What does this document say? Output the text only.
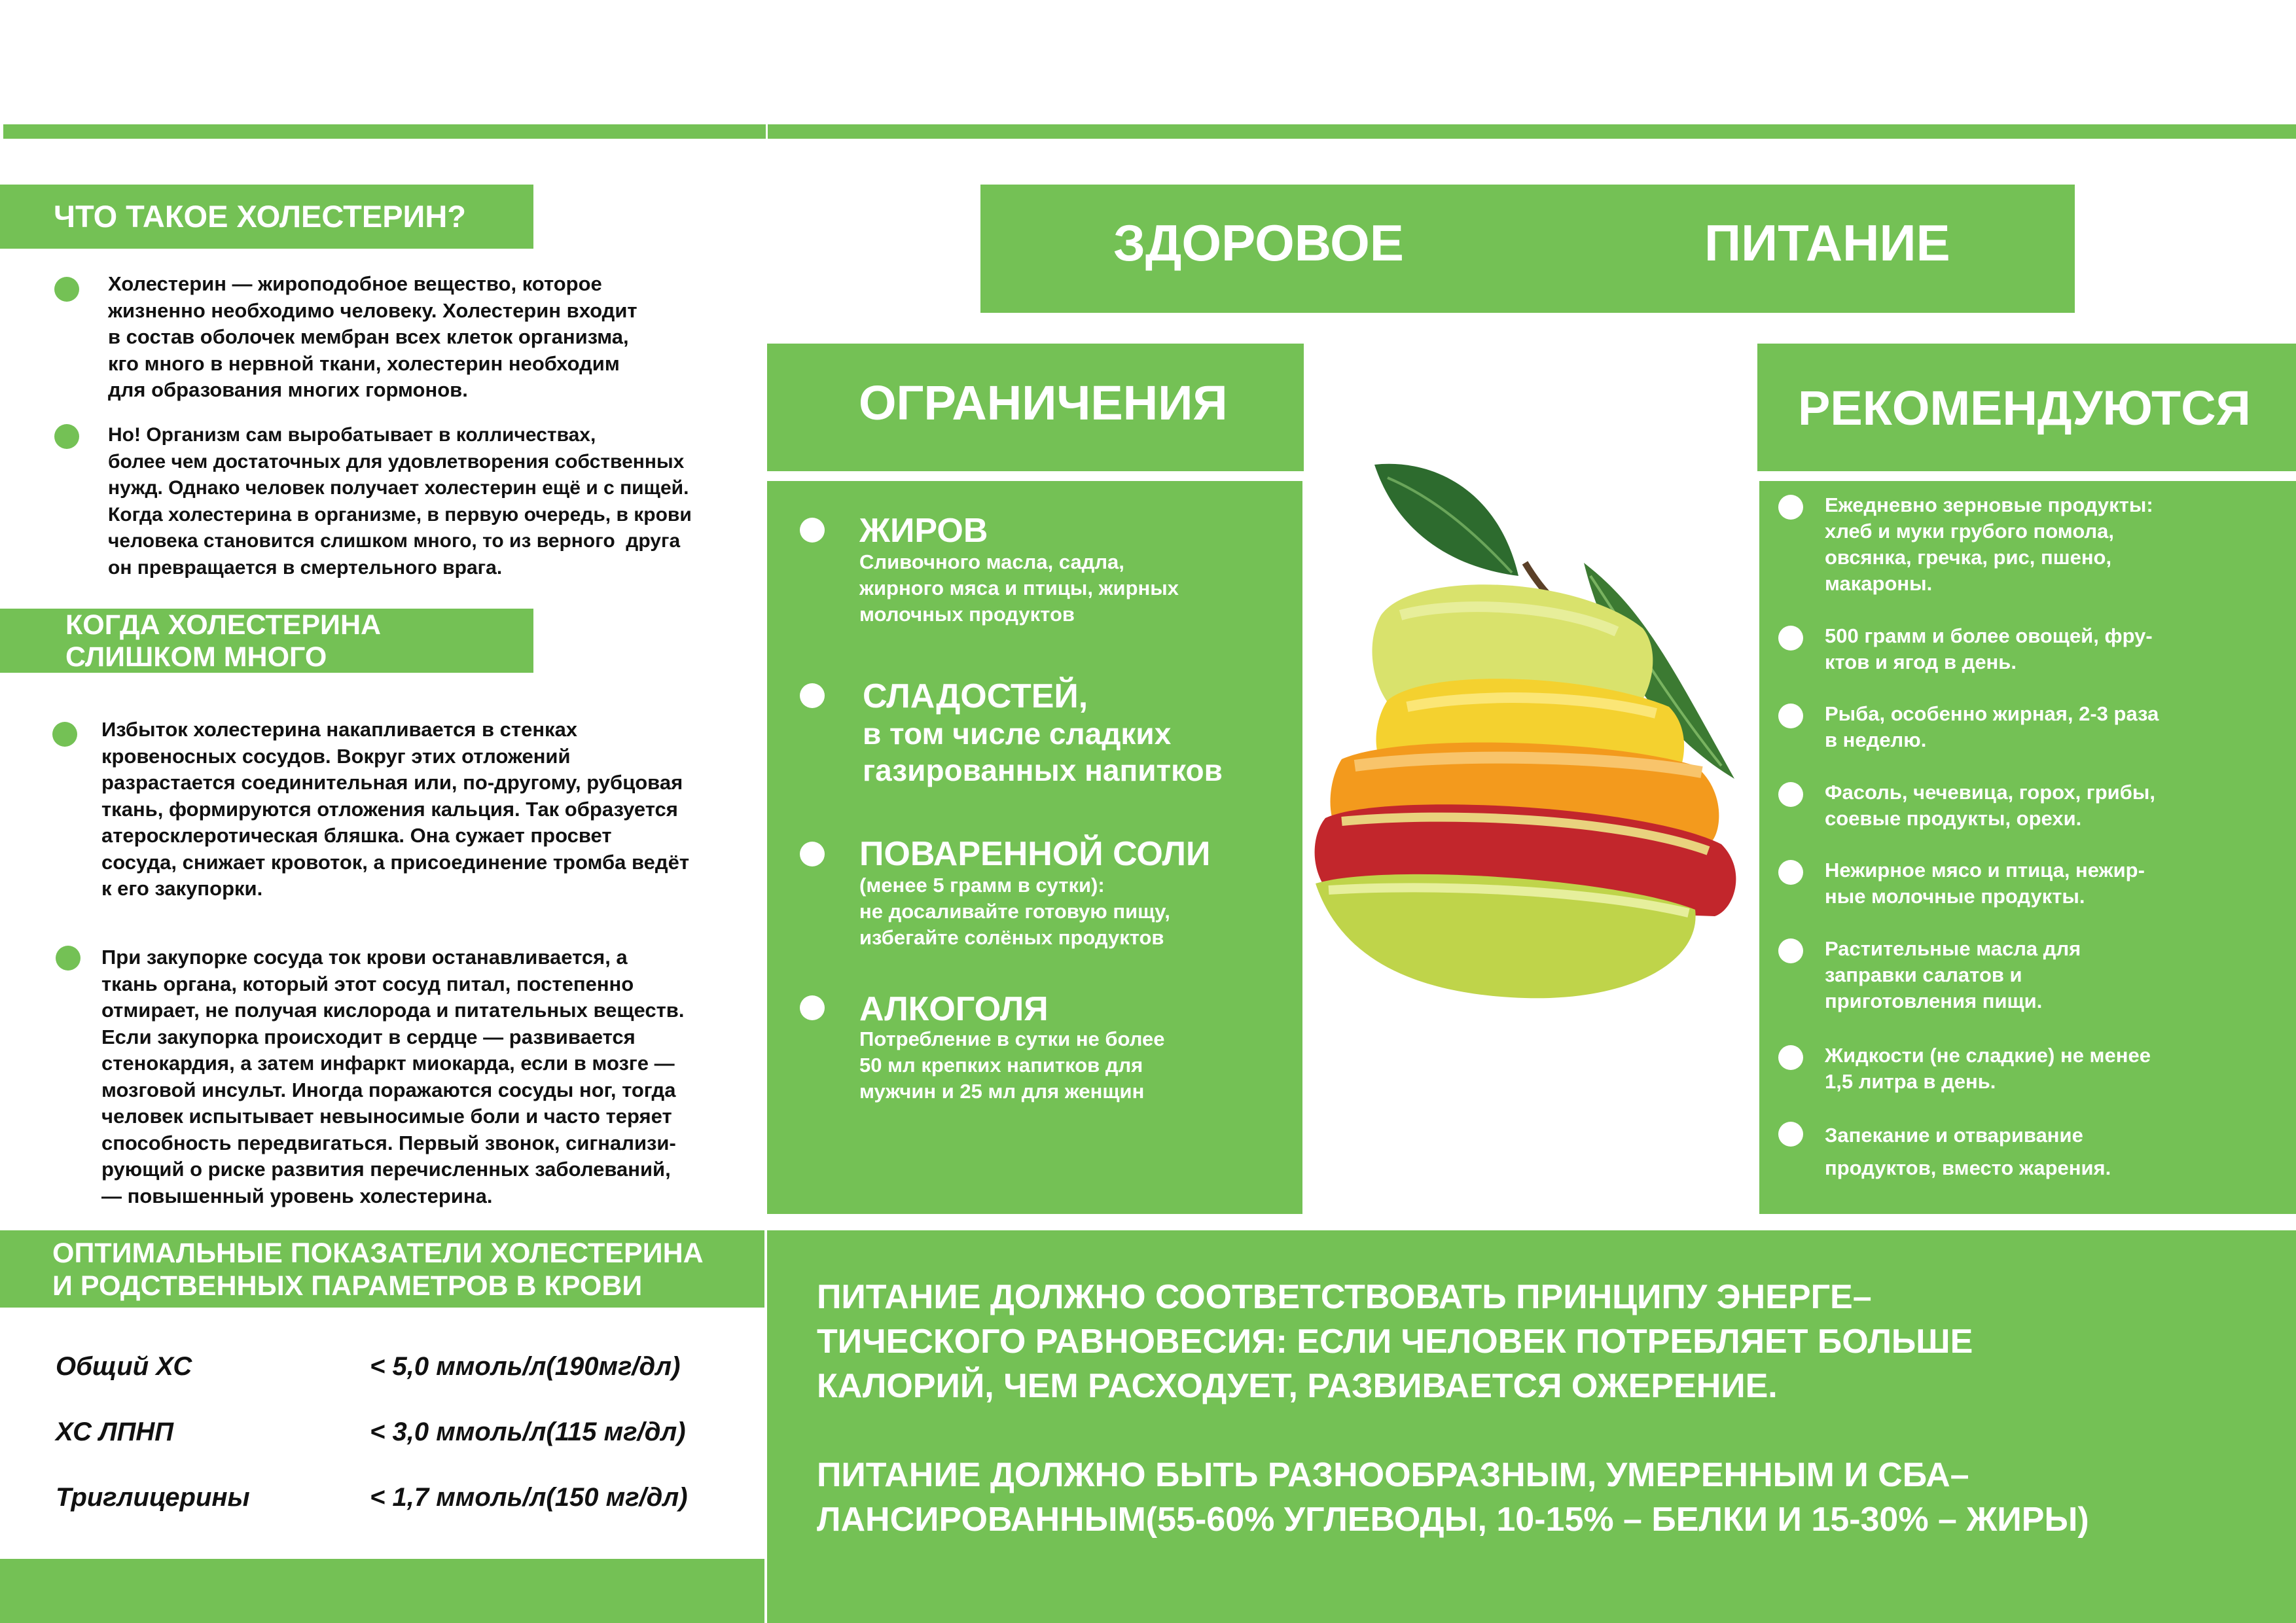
ЧТО ТАКОЕ ХОЛЕСТЕРИН?
Холестерин — жироподобное вещество, которое
жизненно необходимо человеку. Холестерин входит
в состав оболочек мембран всех клеток организма,
кго много в нервной ткани, холестерин необходим
для образования многих гормонов.
Но! Организм сам выробатывает в колличествах,
более чем достаточных для удовлетворения собственных
нужд. Однако человек получает холестерин ещё и с пищей.
Когда холестерина в организме, в первую очередь, в крови
человека становится слишком много, то из верного  друга
он превращается в смертельного врага.
КОГДА ХОЛЕСТЕРИНА
СЛИШКОМ МНОГО
Избыток холестерина накапливается в стенках
кровеносных сосудов. Вокруг этих отложений
разрастается соединительная или, по-другому, рубцовая
ткань, формируются отложения кальция. Так образуется
атеросклеротическая бляшка. Она сужает просвет
сосуда, снижает кровоток, а присоединение тромба ведёт
к его закупорки.
При закупорке сосуда ток крови останавливается, а
ткань органа, который этот сосуд питал, постепенно
отмирает, не получая кислорода и питательных веществ.
Если закупорка происходит в сердце — развивается
стенокардия, а затем инфаркт миокарда, если в мозге —
мозговой инсульт. Иногда поражаются сосуды ног, тогда
человек испытывает невыносимые боли и часто теряет
способность передвигаться. Первый звонок, сигнализи-
рующий о риске развития перечисленных заболеваний,
— повышенный уровень холестерина.
ОПТИМАЛЬНЫЕ ПОКАЗАТЕЛИ ХОЛЕСТЕРИНА
И РОДСТВЕННЫХ ПАРАМЕТРОВ В КРОВИ
Общий ХС	< 5,0 ммоль/л(190мг/дл)
ХС ЛПНП	< 3,0 ммоль/л(115 мг/дл)
Триглицерины	< 1,7 ммоль/л(150 мг/дл)
ЗДОРОВОЕ	ПИТАНИЕ
ОГРАНИЧЕНИЯ
ЖИРОВ
Сливочного масла, садла,
жирного мяса и птицы, жирных
молочных продуктов
СЛАДОСТЕЙ,
в том числе сладких
газированных напитков
ПОВАРЕННОЙ СОЛИ
(менее 5 грамм в сутки):
не досаливайте готовую пищу,
избегайте солёных продуктов
АЛКОГОЛЯ
Потребление в сутки не более
50 мл крепких напитков для
мужчин и 25 мл для женщин
РЕКОМЕНДУЮТСЯ
Ежедневно зерновые продукты:
хлеб и муки грубого помола,
овсянка, гречка, рис, пшено,
макароны.
500 грамм и более овощей, фру-
ктов и ягод в день.
Рыба, особенно жирная, 2-3 раза
в неделю.
Фасоль, чечевица, горох, грибы,
соевые продукты, орехи.
Нежирное мясо и птица, нежир-
ные молочные продукты.
Растительные масла для
заправки салатов и
приготовления пищи.
Жидкости (не сладкие) не менее
1,5 литра в день.
Запекание и отваривание
продуктов, вместо жарения.
ПИТАНИЕ ДОЛЖНО СООТВЕТСТВОВАТЬ ПРИНЦИПУ ЭНЕРГЕ–
ТИЧЕСКОГО РАВНОВЕСИЯ: ЕСЛИ ЧЕЛОВЕК ПОТРЕБЛЯЕТ БОЛЬШЕ
КАЛОРИЙ, ЧЕМ РАСХОДУЕТ, РАЗВИВАЕТСЯ ОЖЕРЕНИЕ.
ПИТАНИЕ ДОЛЖНО БЫТЬ РАЗНООБРАЗНЫМ, УМЕРЕННЫМ И СБА–
ЛАНСИРОВАННЫМ(55-60% УГЛЕВОДЫ, 10-15% – БЕЛКИ И 15-30% – ЖИРЫ)
